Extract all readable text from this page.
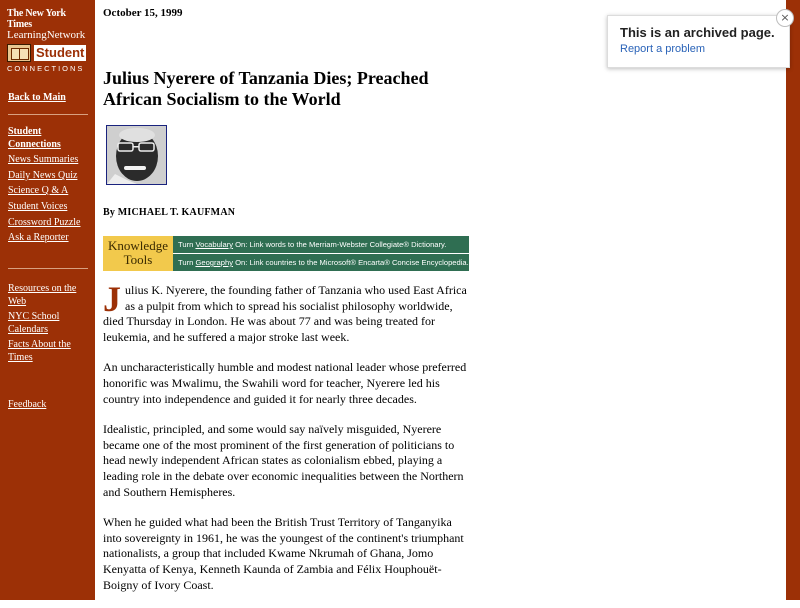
The New York Times
LearningNetwork
Student
CONNECTIONS
Back to Main
Student
Connections
News Summaries
Daily News Quiz
Science Q & A
Student Voices
Crossword Puzzle
Ask a Reporter
Resources on the
Web
NYC School
Calendars
Facts About the
Times
Feedback
October 15, 1999
Julius Nyerere of Tanzania Dies; Preached
African Socialism to the World
By MICHAEL T. KAUFMAN
Knowledge
Tools
Turn Vocabulary On: Link words to the Merriam-Webster Collegiate® Dictionary.
Turn Geography On: Link countries to the Microsoft® Encarta® Concise Encyclopedia.

Julius K. Nyerere, the founding father of Tanzania who used East Africa as a pulpit from which to spread his socialist philosophy worldwide, died Thursday in London. He was about 77 and was being treated for leukemia, and he suffered a major stroke last week.

An uncharacteristically humble and modest national leader whose preferred honorific was Mwalimu, the Swahili word for teacher, Nyerere led his country into independence and guided it for nearly three decades.

Idealistic, principled, and some would say naïvely misguided, Nyerere became one of the most prominent of the first generation of politicians to head newly independent African states as colonialism ebbed, playing a leading role in the debate over economic inequalities between the Northern and Southern Hemispheres.

When he guided what had been the British Trust Territory of Tanganyika into sovereignty in 1961, he was the youngest of the continent's triumphant nationalists, a group that included Kwame Nkrumah of Ghana, Jomo Kenyatta of Kenya, Kenneth Kaunda of Zambia and Félix Houphouët-Boigny of Ivory Coast.

This is an archived page.
Report a problem
×
